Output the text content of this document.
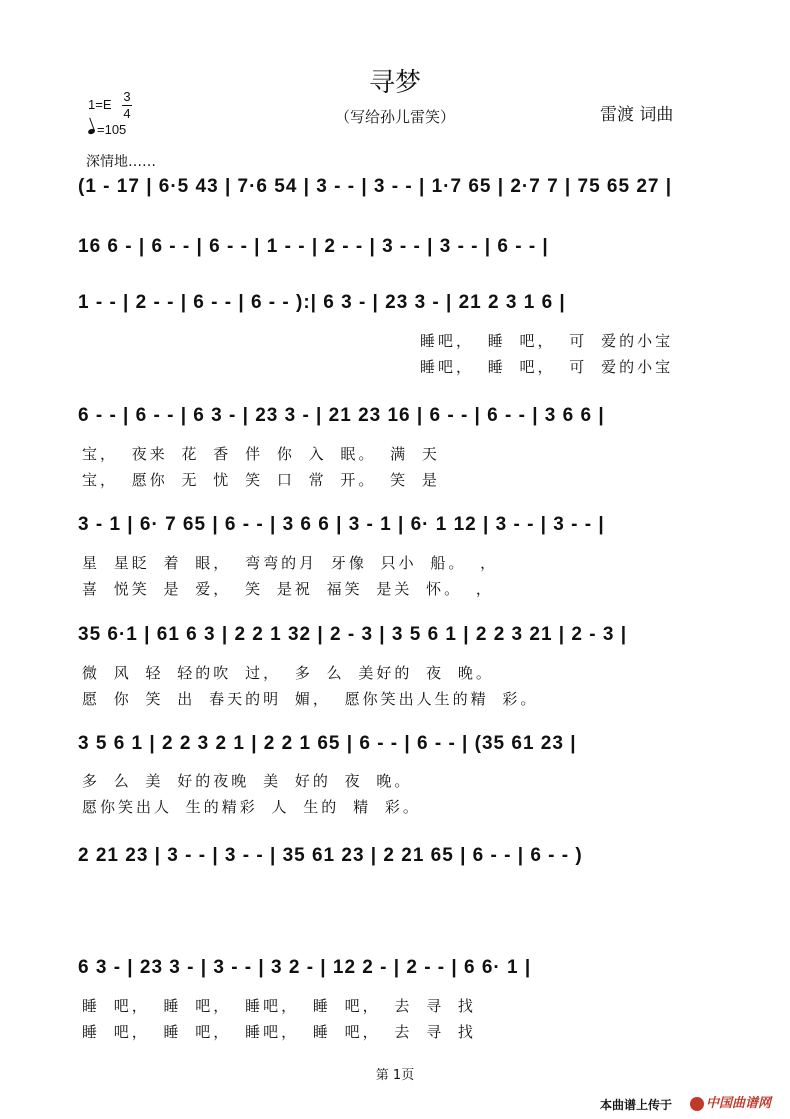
寻梦
（写给孙儿雷笑）	雷渡 词曲
1=E
3
4
=105
深情地……
(1 - 17 | 6·5 43 | 7·6 54 | 3 - - | 3 - - | 1·7 65 | 2·7 7 | 75 65 27 |
16 6 - | 6 - - | 6 - - | 1 - - | 2 - - | 3 - - | 3 - - | 6 - - |
1 - - | 2 - - | 6 - - | 6 - - ):| 6 3 - | 23 3 - | 21 2 3 1 6 |
睡吧， 睡 吧， 可 爱的小宝
睡吧， 睡 吧， 可 爱的小宝
6 - - | 6 - - | 6 3 - | 23 3 - | 21 23 16 | 6 - - | 6 - - | 3 6 6 |
宝， 夜来 花 香 伴 你 入 眠。 满 天
宝， 愿你 无 忧 笑 口 常 开。 笑 是
3 - 1 | 6· 7 65 | 6 - - | 3 6 6 | 3 - 1 | 6· 1 12 | 3 - - | 3 - - |
星 星眨 着 眼， 弯弯的月 牙像 只小 船。 ，
喜 悦笑 是 爱， 笑 是祝 福笑 是关 怀。 ，
35 6·1 | 61 6 3 | 2 2 1 32 | 2 - 3 | 3 5 6 1 | 2 2 3 21 | 2 - 3 |
微 风 轻 轻的吹 过， 多 么 美好的 夜 晚。
愿 你 笑 出 春天的明 媚， 愿你笑出人生的精 彩。
3 5 6 1 | 2 2 3 2 1 | 2 2 1 65 | 6 - - | 6 - - | (35 61 23 |
多 么 美 好的夜晚 美 好的 夜 晚。
愿你笑出人 生的精彩 人 生的 精 彩。
2 21 23 | 3 - - | 3 - - | 35 61 23 | 2 21 65 | 6 - - | 6 - - )
6 3 - | 23 3 - | 3 - - | 3 2 - | 12 2 - | 2 - - | 6 6· 1 |
睡 吧， 睡 吧， 睡吧， 睡 吧， 去 寻 找
睡 吧， 睡 吧， 睡吧， 睡 吧， 去 寻 找
第 1页
本曲谱上传于	中国曲谱网
